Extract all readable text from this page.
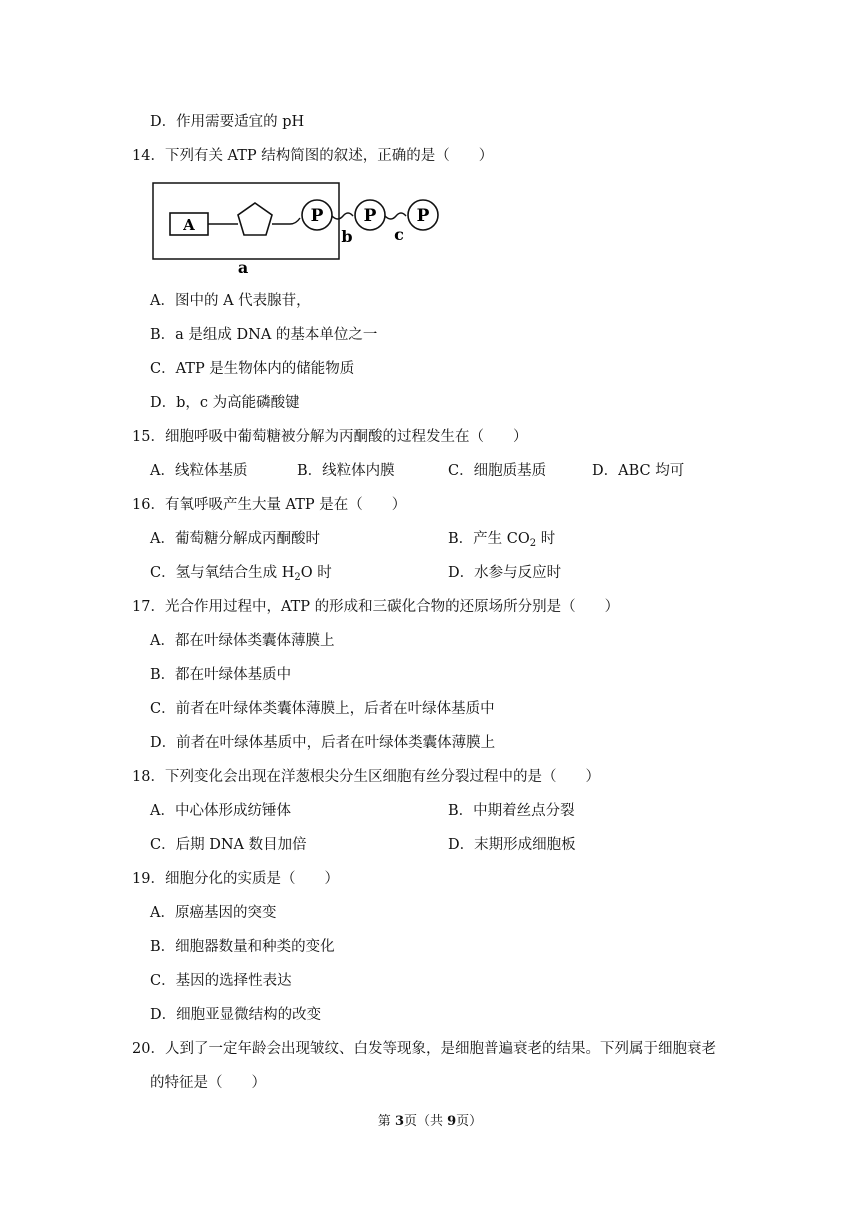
D．作用需要适宜的 pH
14．下列有关 ATP 结构简图的叙述，正确的是（　　）
A	P P P
b	c
a
A．图中的 A 代表腺苷，
B．a 是组成 DNA 的基本单位之一
C．ATP 是生物体内的储能物质
D．b，c 为高能磷酸键
15．细胞呼吸中葡萄糖被分解为丙酮酸的过程发生在（　　）
A．线粒体基质	B．线粒体内膜	C．细胞质基质	D．ABC 均可
16．有氧呼吸产生大量 ATP 是在（　　）
A．葡萄糖分解成丙酮酸时	B．产生 $CO_2$ 时
C．氢与氧结合生成 $H_2O$ 时	D．水参与反应时
17．光合作用过程中，ATP 的形成和三碳化合物的还原场所分别是（　　）
A．都在叶绿体类囊体薄膜上
B．都在叶绿体基质中
C．前者在叶绿体类囊体薄膜上，后者在叶绿体基质中
D．前者在叶绿体基质中，后者在叶绿体类囊体薄膜上
18．下列变化会出现在洋葱根尖分生区细胞有丝分裂过程中的是（　　）
A．中心体形成纺锤体	B．中期着丝点分裂
C．后期 DNA 数目加倍	D．末期形成细胞板
19．细胞分化的实质是（　　）
A．原癌基因的突变
B．细胞器数量和种类的变化
C．基因的选择性表达
D．细胞亚显微结构的改变
20．人到了一定年龄会出现皱纹、白发等现象，是细胞普遍衰老的结果。下列属于细胞衰老
的特征是（　　）
第 3页（共 9页）
